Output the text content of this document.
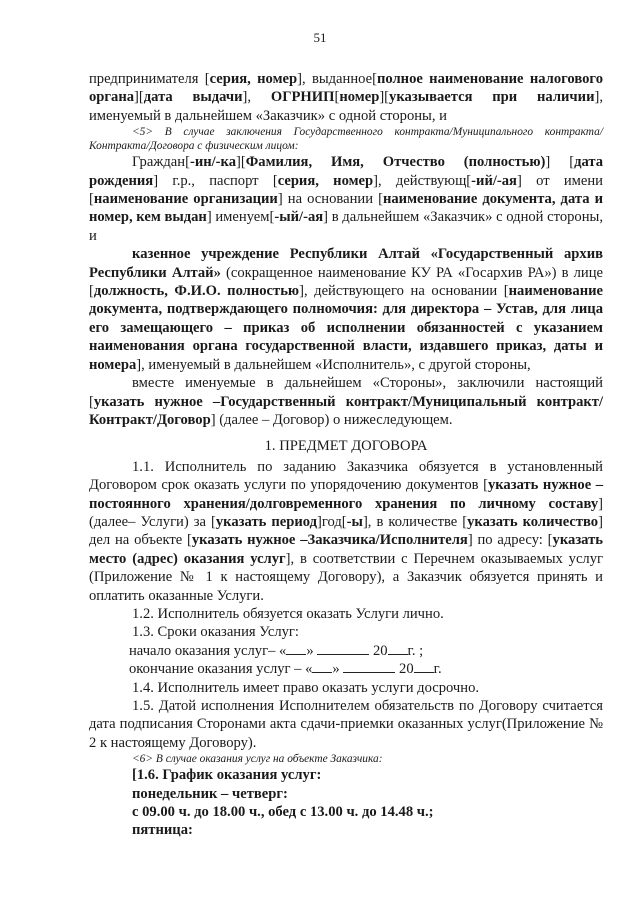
51

предпринимателя [серия, номер], выданное[полное наименование налогового органа][дата выдачи], ОГРНИП[номер][указывается при наличии], именуемый в дальнейшем «Заказчик» с одной стороны, и

<5> В случае заключения Государственного контракта/Муниципального контракта/Контракта/Договора с физическим лицом:

Граждан[-ин/-ка][Фамилия, Имя, Отчество (полностью)] [дата рождения] г.р., паспорт [серия, номер], действующ[-ий/-ая] от имени [наименование организации] на основании [наименование документа, дата и номер, кем выдан] именуем[-ый/-ая] в дальнейшем «Заказчик» с одной стороны, и

казенное учреждение Республики Алтай «Государственный архив Республики Алтай» (сокращенное наименование КУ РА «Госархив РА») в лице [должность, Ф.И.О. полностью], действующего на основании [наименование документа, подтверждающего полномочия: для директора – Устав, для лица его замещающего – приказ об исполнении обязанностей с указанием наименования органа государственной власти, издавшего приказ, даты и номера], именуемый в дальнейшем «Исполнитель», с другой стороны,

вместе именуемые в дальнейшем «Стороны», заключили настоящий [указать нужное –Государственный контракт/Муниципальный контракт/Контракт/Договор] (далее – Договор) о нижеследующем.

1. ПРЕДМЕТ ДОГОВОРА

1.1. Исполнитель по заданию Заказчика обязуется в установленный Договором срок оказать услуги по упорядочению документов [указать нужное –постоянного хранения/долговременного хранения по личному составу](далее– Услуги) за [указать период]год[-ы], в количестве [указать количество] дел на объекте [указать нужное –Заказчика/Исполнителя] по адресу: [указать место (адрес) оказания услуг], в соответствии с Перечнем оказываемых услуг (Приложение № 1 к настоящему Договору), а Заказчик обязуется принять и оплатить оказанные Услуги.

1.2. Исполнитель обязуется оказать Услуги лично.

1.3. Сроки оказания Услуг:

начало оказания услуг– « »	20 г. ;

окончание оказания услуг – « »	20 г.

1.4. Исполнитель имеет право оказать услуги досрочно.

1.5. Датой исполнения Исполнителем обязательств по Договору считается дата подписания Сторонами акта сдачи-приемки оказанных услуг(Приложение № 2 к настоящему Договору).

<6> В случае оказания услуг на объекте Заказчика:

[1.6. График оказания услуг:

понедельник – четверг:

с 09.00 ч. до 18.00 ч., обед с 13.00 ч. до 14.48 ч.;

пятница:
